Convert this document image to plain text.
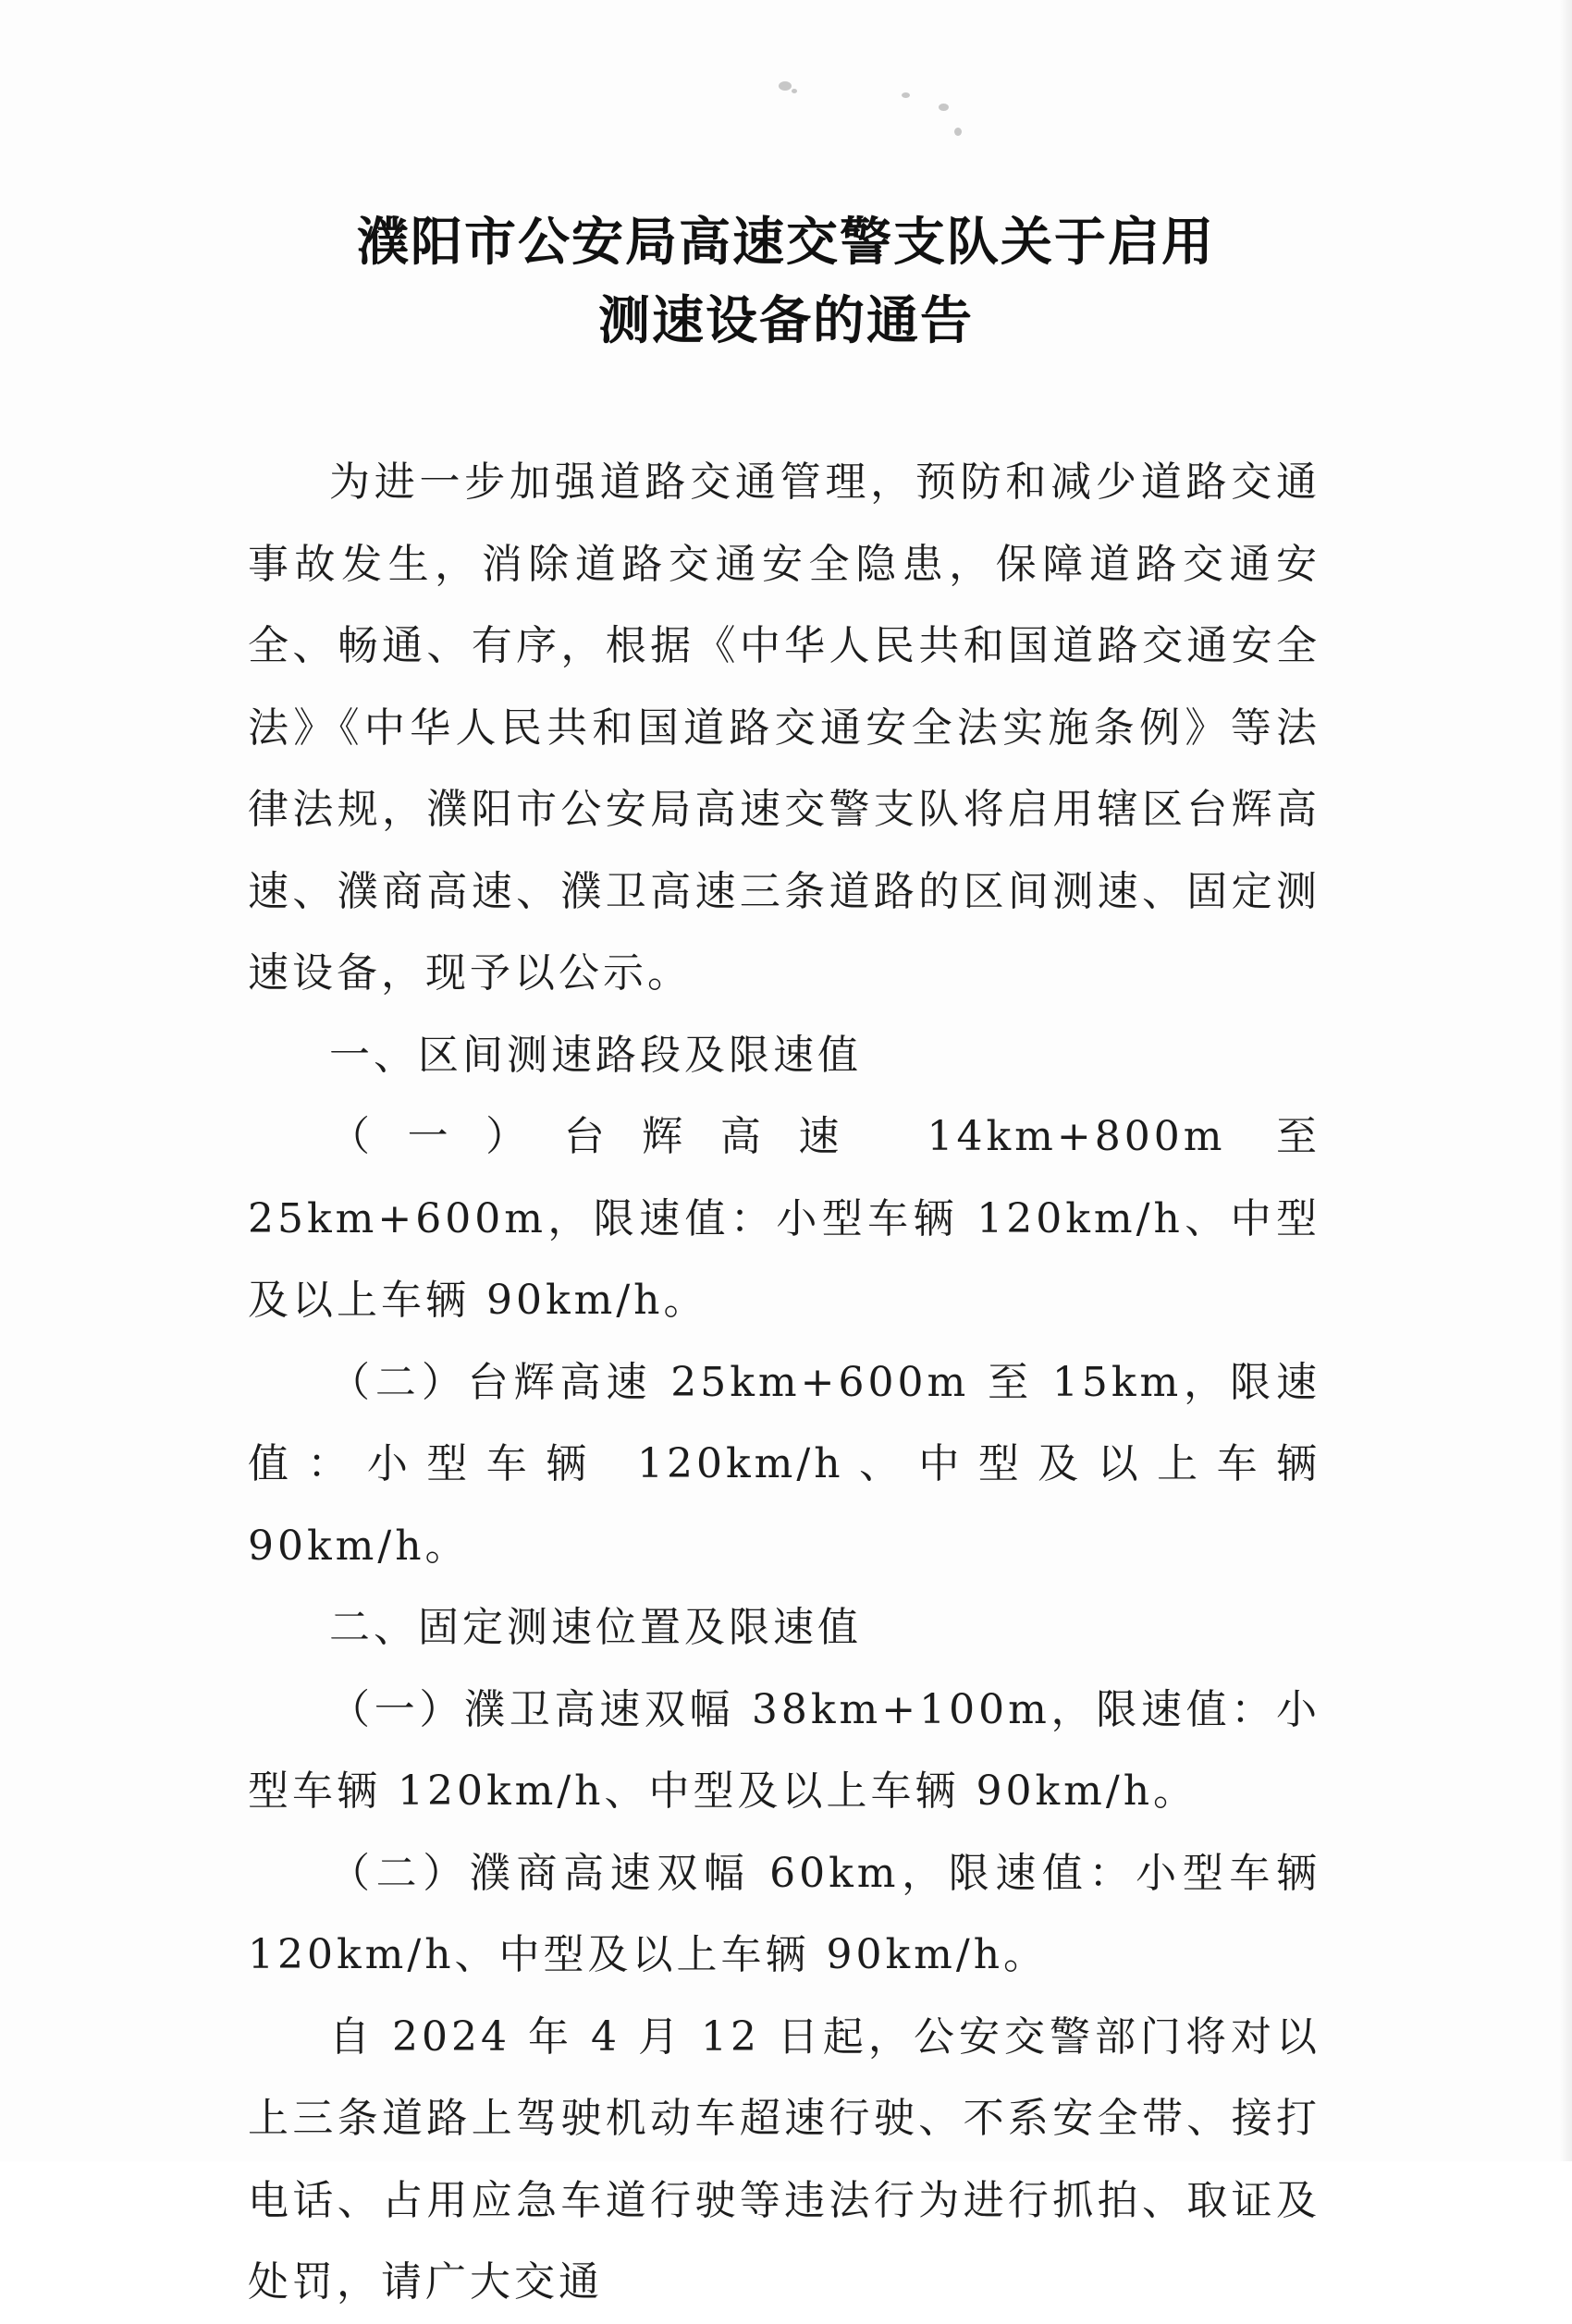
濮阳市公安局高速交警支队关于启用
测速设备的通告

为进一步加强道路交通管理，预防和减少道路交通事故发生，消除道路交通安全隐患，保障道路交通安全、畅通、有序，根据《中华人民共和国道路交通安全法》《中华人民共和国道路交通安全法实施条例》等法律法规，濮阳市公安局高速交警支队将启用辖区台辉高速、濮商高速、濮卫高速三条道路的区间测速、固定测速设备，现予以公示。

一、区间测速路段及限速值

（一）台辉高速 14km+800m 至 25km+600m，限速值：小型车辆 120km/h、中型及以上车辆 90km/h。

（二）台辉高速 25km+600m 至 15km，限速值：小型车辆 120km/h、中型及以上车辆 90km/h。

二、固定测速位置及限速值

（一）濮卫高速双幅 38km+100m，限速值：小型车辆 120km/h、中型及以上车辆 90km/h。

（二）濮商高速双幅 60km，限速值：小型车辆 120km/h、中型及以上车辆 90km/h。

自 2024 年 4 月 12 日起，公安交警部门将对以上三条道路上驾驶机动车超速行驶、不系安全带、接打电话、占用应急车道行驶等违法行为进行抓拍、取证及处罚，请广大交通
